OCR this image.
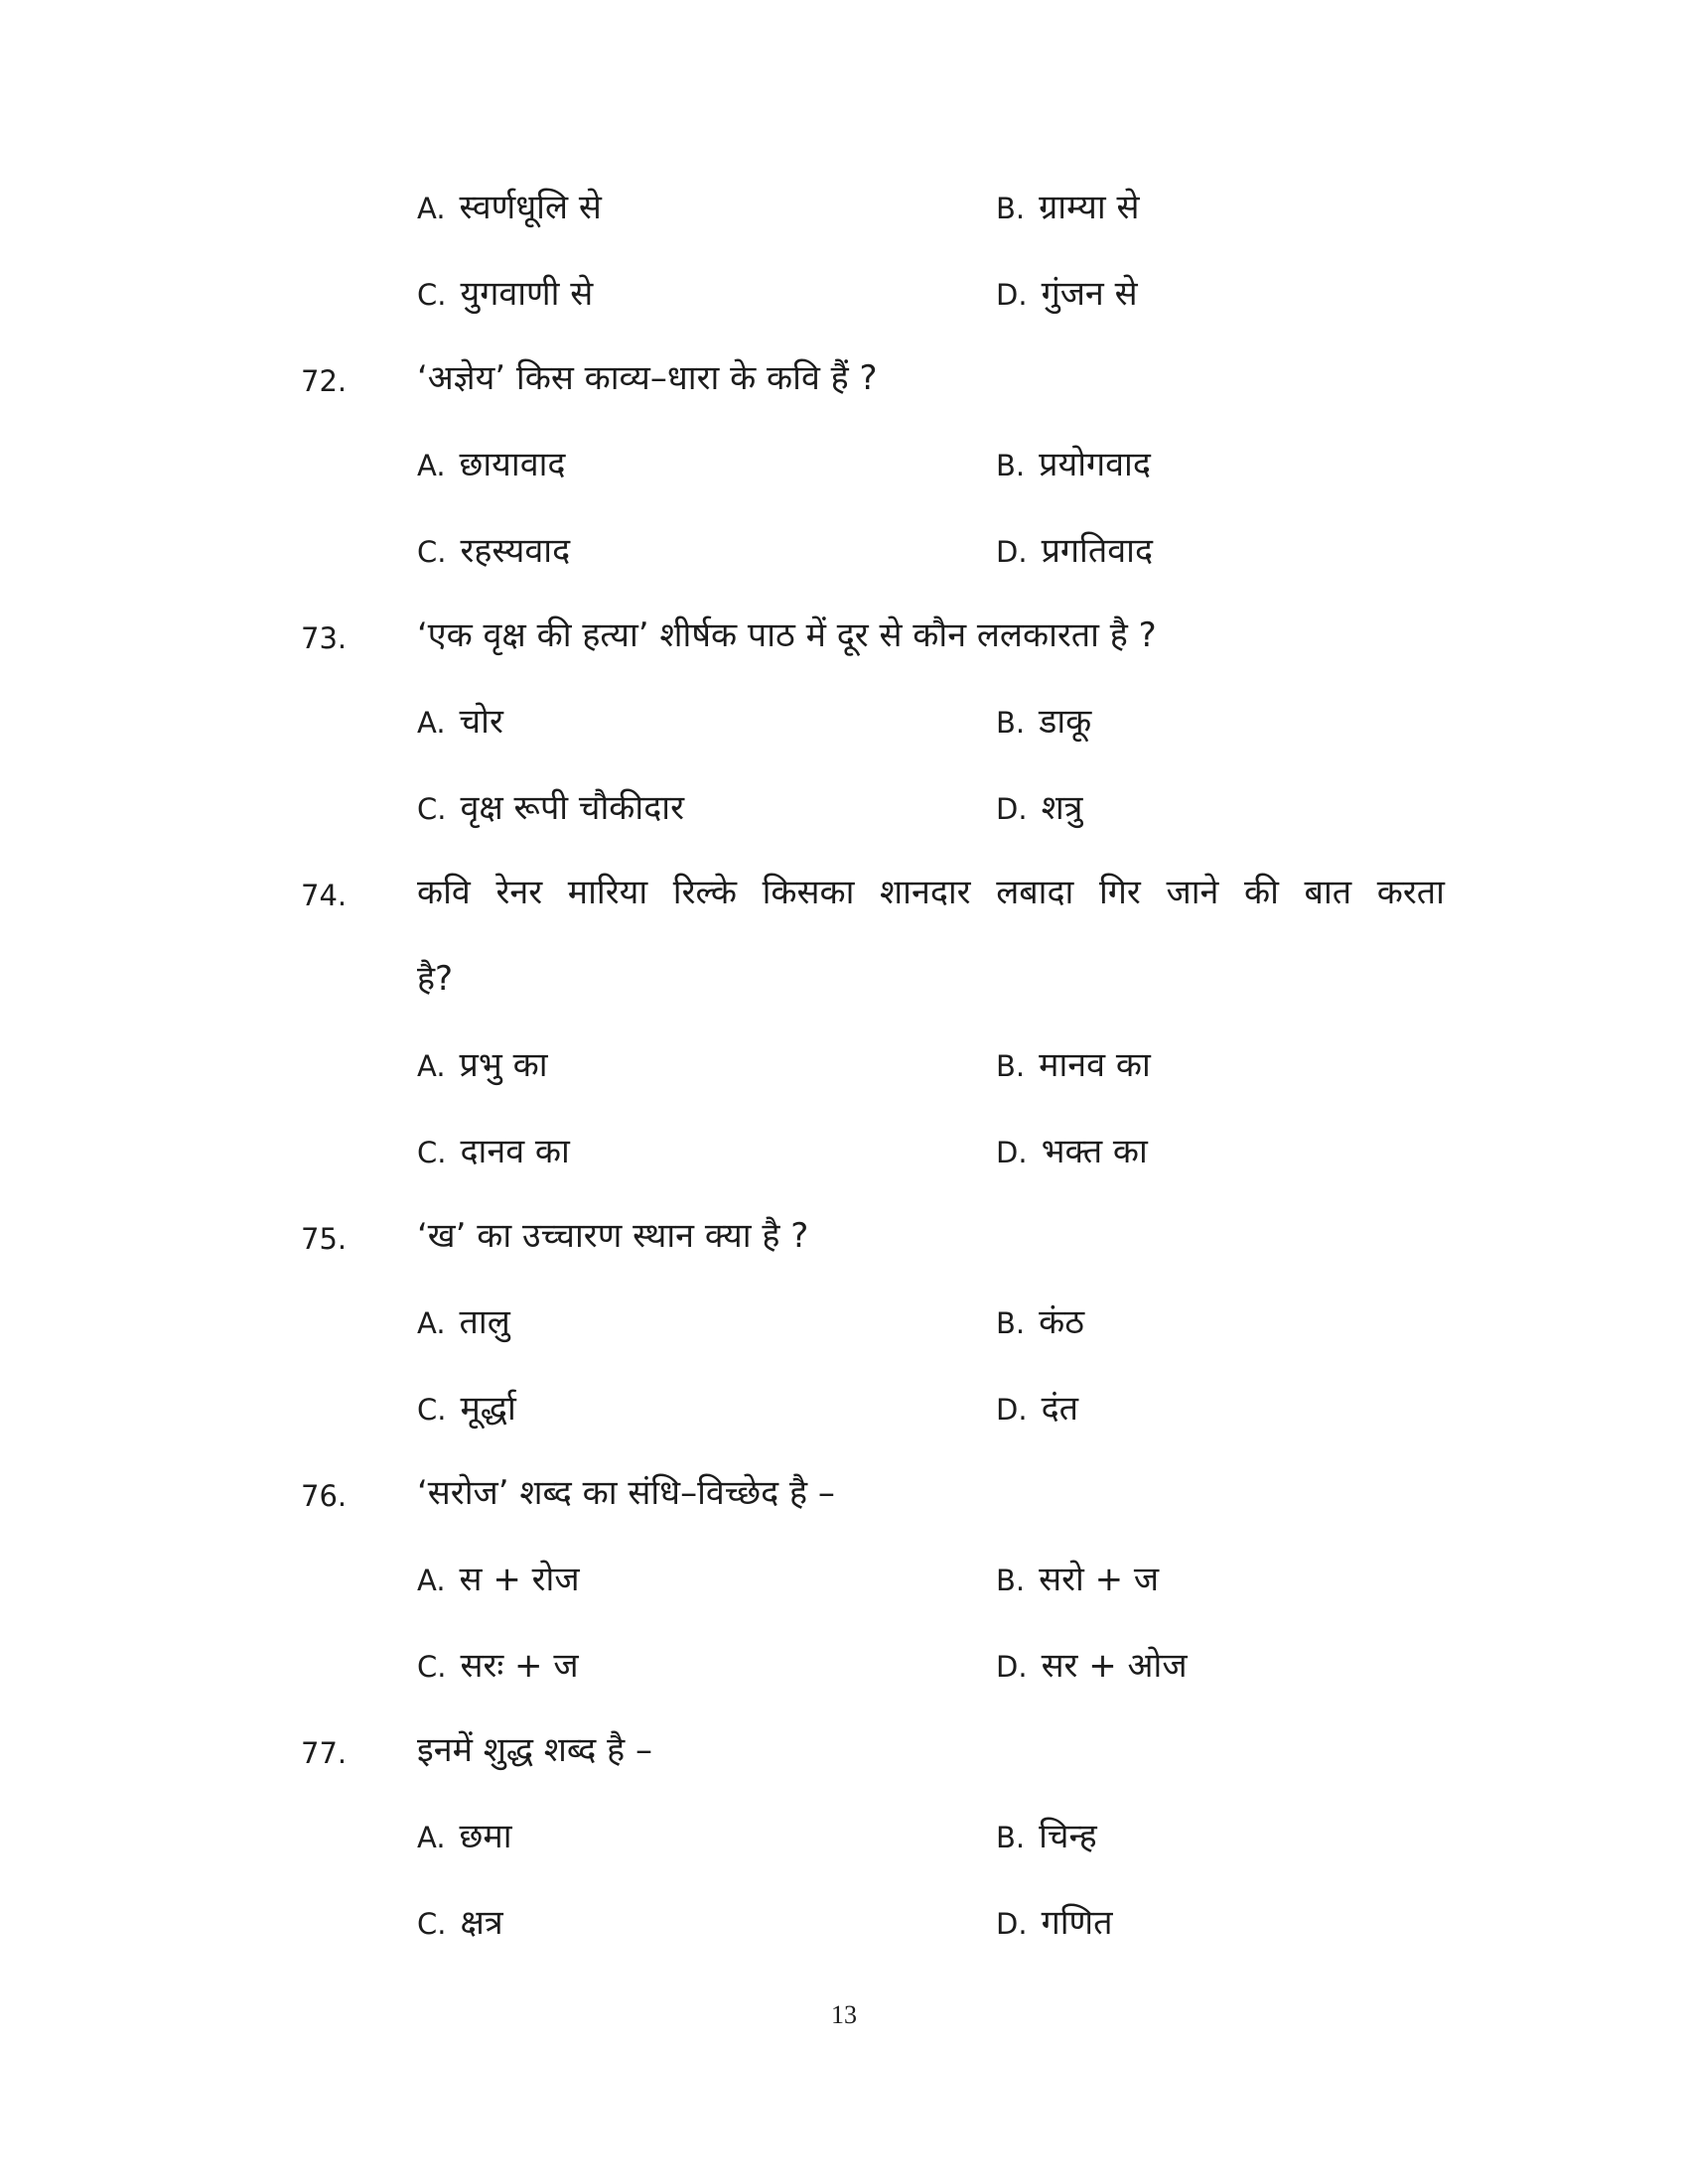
A. स्वर्णधूलि से	B. ग्राम्या से
C. युगवाणी से	D. गुंजन से
72. ‘अज्ञेय’ किस काव्य–धारा के कवि हैं ?
A. छायावाद	B. प्रयोगवाद
C. रहस्यवाद	D. प्रगतिवाद
73. ‘एक वृक्ष की हत्या’ शीर्षक पाठ में दूर से कौन ललकारता है ?
A. चोर	B. डाकू
C. वृक्ष रूपी चौकीदार	D. शत्रु
74. कवि रेनर मारिया रिल्के किसका शानदार लबादा गिर जाने की बात करता
है?
A. प्रभु का	B. मानव का
C. दानव का	D. भक्त का
75. ‘ख’ का उच्चारण स्थान क्या है ?
A. तालु	B. कंठ
C. मूर्द्धा	D. दंत
76. ‘सरोज’ शब्द का संधि–विच्छेद है –
A. स + रोज	B. सरो + ज
C. सरः + ज	D. सर + ओज
77. इनमें शुद्ध शब्द है –
A. छमा	B. चिन्ह
C. क्षत्र	D. गणित
13
